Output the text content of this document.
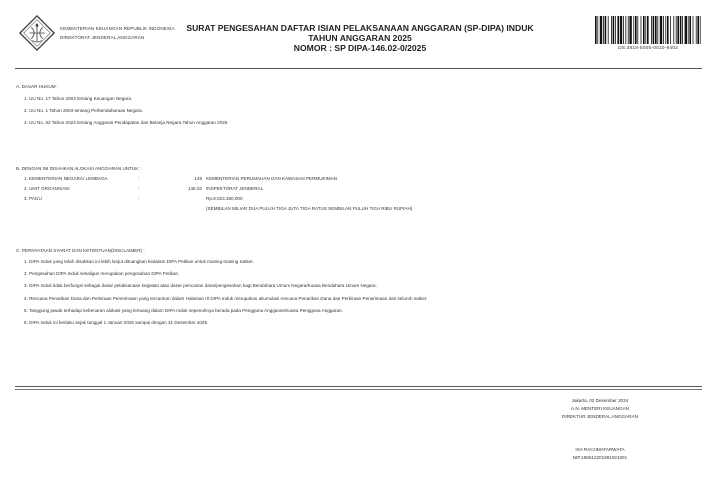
KEMENTERIAN KEUANGAN REPUBLIK INDONESIA
DIREKTORAT JENDERAL ANGGARAN
SURAT PENGESAHAN DAFTAR ISIAN PELAKSANAAN ANGGARAN (SP-DIPA) INDUK
TAHUN ANGGARAN 2025
NOMOR : SP DIPA-146.02-0/2025	DS:3818-5005-0010-9402
A. DASAR HUKUM :
1. UU No. 17 Tahun 2003 tentang Keuangan Negara.
2. UU No. 1 Tahun 2004 tentang Perbendaharaan Negara.
3. UU No. 62 Tahun 2024 tentang Anggaran Pendapatan dan Belanja Negara Tahun Anggaran 2025
B. DENGAN INI DISAHKAN ALOKASI ANGGARAN UNTUK :
1. KEMENTERIAN NEGARA/ LEMBAGA	:	146 KEMENTERIAN PERUMAHAN DAN KAWASAN PERMUKIMAN
2. UNIT ORGANISASI	:	146.02 INSPEKTORAT JENDERAL
3. PAGU	:	Rp.9.023.350.000
(SEMBILAN MILIAR DUA PULUH TIGA JUTA TIGA RATUS SEMBILAN PULUH TIGA RIBU RUPIAH)
C. PERNYATAAN SYARAT DAN KETENTUAN(DISCLAIMER) :
1. DIPA Induk yang telah disahkan ini lebih lanjut dituangkan kedalam DIPA Petikan untuk masing-masing Satker.
2. Pengesahan DIPA Induk sekaligus merupakan pengesahan DIPA Petikan.
3. DIPA Induk tidak berfungsi sebagai dasar pelaksanaan kegiatan atau dasar pencairan dana/pengesahan bagi Bendahara Umum Negara/Kuasa Bendahara Umum Negara.
4. Rencana Penarikan Dana dan Perkiraan Penerimaan yang tercantum dalam Halaman III DIPA Induk merupakan akumulasi rencana Penarikan Dana dan Perkiraan Penerimaan dari seluruh satker.
5. Tanggung jawab terhadap kebenaran alokasi yang tertuang dalam DIPA Induk sepenuhnya berada pada Pengguna Anggaran/Kuasa Pengguna Anggaran.
6. DIPA Induk ini berlaku sejak tanggal 1 Januari 2025 sampai dengan 31 Desember 2025.
Jakarta, 02 Desember 2024
A.N. MENTERI KEUANGAN
DIREKTUR JENDERAL ANGGARAN
ISA RACHMATARWATA
NIP.196612201991021001
